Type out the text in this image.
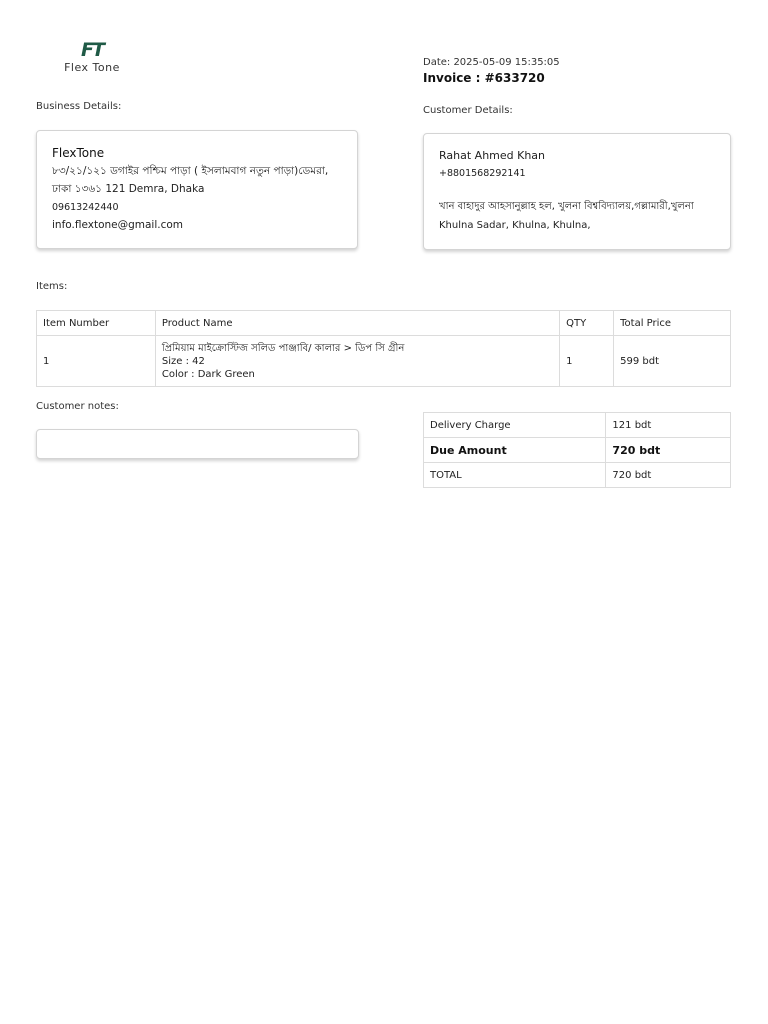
FT
Flex Tone	Date: 2025-05-09 15:35:05
Invoice : #633720
Business Details:	Customer Details:
FlexTone
৮৩/২১/১২১ ডগাইর পশ্চিম পাড়া ( ইসলামবাগ নতুন পাড়া)ডেমরা,
ঢাকা ১৩৬১ 121 Demra, Dhaka
09613242440
info.flextone@gmail.com
Rahat Ahmed Khan
+8801568292141
খান বাহাদুর আহসানুল্লাহ হল, খুলনা বিশ্ববিদ্যালয়,গল্লামারী,খুলনা
Khulna Sadar, Khulna, Khulna,
Items:
Item Number	Product Name	QTY	Total Price
1	প্রিমিয়াম মাইক্রোস্টিজ সলিড পাঞ্জাবি/ কালার > ডিপ সি গ্রীন
Size : 42
Color : Dark Green	1	599 bdt
Customer notes:
Delivery Charge	121 bdt
Due Amount	720 bdt
TOTAL	720 bdt
